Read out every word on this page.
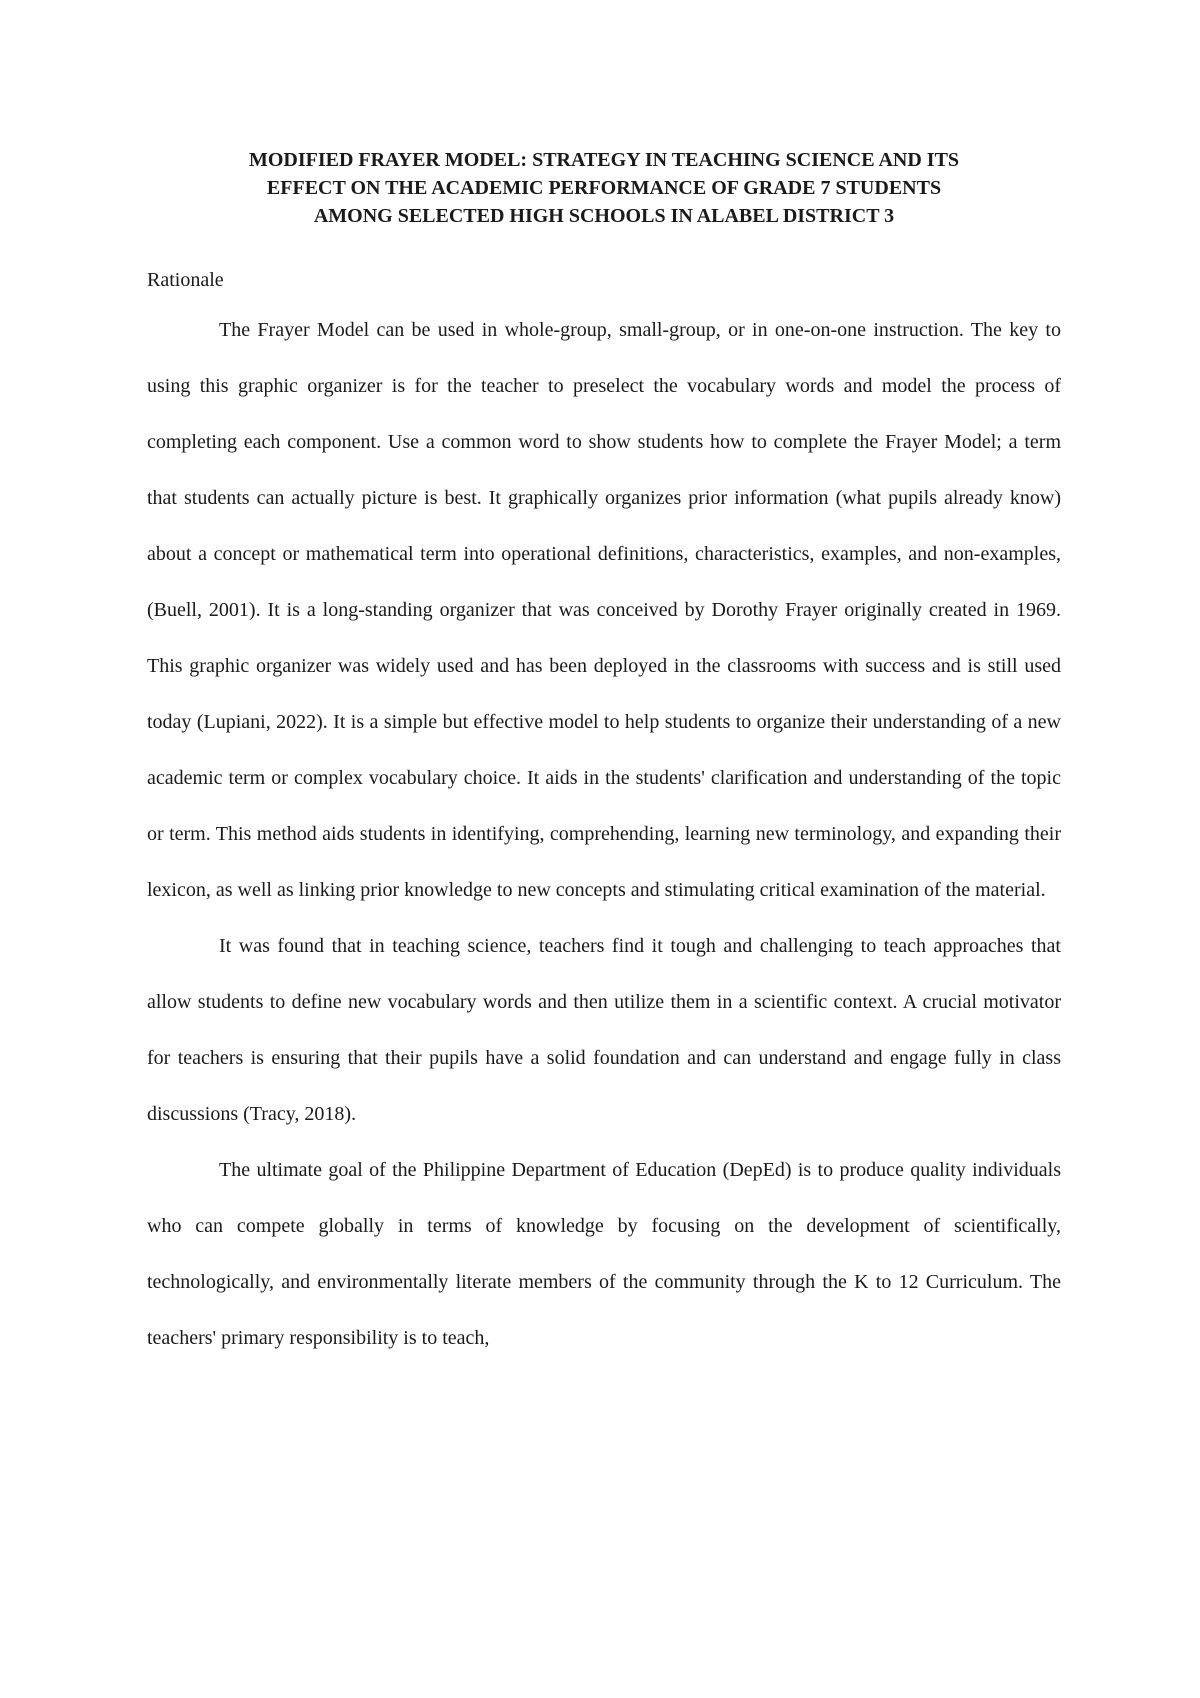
MODIFIED FRAYER MODEL: STRATEGY IN TEACHING SCIENCE AND ITS
EFFECT ON THE ACADEMIC PERFORMANCE OF GRADE 7 STUDENTS
AMONG SELECTED HIGH SCHOOLS IN ALABEL DISTRICT 3
Rationale

The Frayer Model can be used in whole-group, small-group, or in one-on-one instruction. The key to using this graphic organizer is for the teacher to preselect the vocabulary words and model the process of completing each component. Use a common word to show students how to complete the Frayer Model; a term that students can actually picture is best. It graphically organizes prior information (what pupils already know) about a concept or mathematical term into operational definitions, characteristics, examples, and non-examples, (Buell, 2001). It is a long-standing organizer that was conceived by Dorothy Frayer originally created in 1969. This graphic organizer was widely used and has been deployed in the classrooms with success and is still used today (Lupiani, 2022). It is a simple but effective model to help students to organize their understanding of a new academic term or complex vocabulary choice. It aids in the students' clarification and understanding of the topic or term. This method aids students in identifying, comprehending, learning new terminology, and expanding their lexicon, as well as linking prior knowledge to new concepts and stimulating critical examination of the material.

It was found that in teaching science, teachers find it tough and challenging to teach approaches that allow students to define new vocabulary words and then utilize them in a scientific context. A crucial motivator for teachers is ensuring that their pupils have a solid foundation and can understand and engage fully in class discussions (Tracy, 2018).

The ultimate goal of the Philippine Department of Education (DepEd) is to produce quality individuals who can compete globally in terms of knowledge by focusing on the development of scientifically, technologically, and environmentally literate members of the community through the K to 12 Curriculum. The teachers' primary responsibility is to teach,
